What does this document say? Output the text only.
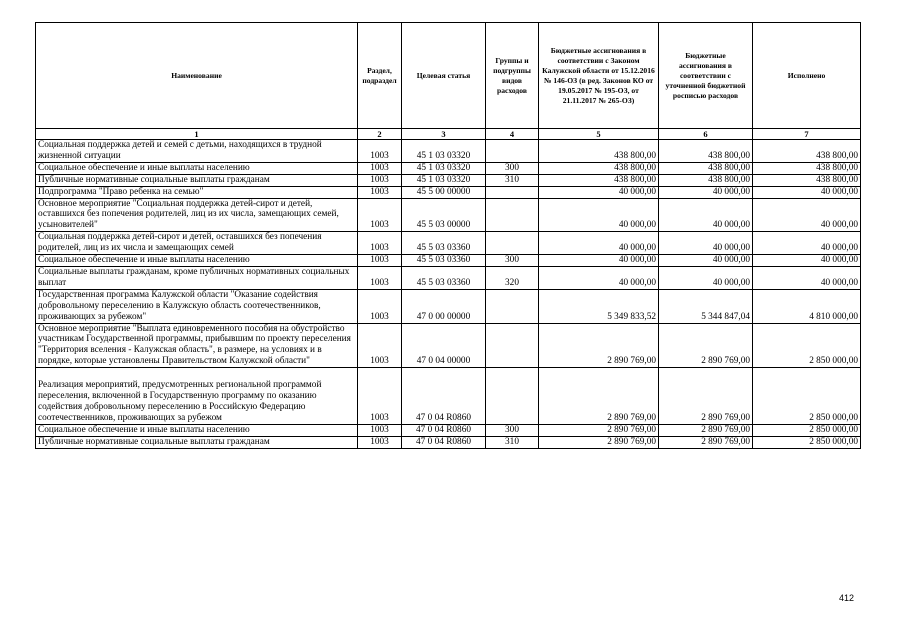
Наименование	Раздел, подраздел	Целевая статья	Группы и подгруппы видов расходов	Бюджетные ассигнования в соответствии с Законом Калужской области от 15.12.2016 № 146-ОЗ (в ред. Законов КО от 19.05.2017 № 195-ОЗ, от 21.11.2017 № 265-ОЗ)	Бюджетные ассигнования в соответствии с уточненной бюджетной росписью расходов	Исполнено
1	2	3	4	5	6	7
Социальная поддержка детей и семей с детьми, находящихся в трудной жизненной ситуации	1003	45 1 03 03320		438 800,00	438 800,00	438 800,00
Социальное обеспечение и иные выплаты населению	1003	45 1 03 03320	300	438 800,00	438 800,00	438 800,00
Публичные нормативные социальные выплаты гражданам	1003	45 1 03 03320	310	438 800,00	438 800,00	438 800,00
Подпрограмма "Право ребенка на семью"	1003	45 5 00 00000		40 000,00	40 000,00	40 000,00
Основное мероприятие "Социальная поддержка детей-сирот и детей, оставшихся без попечения родителей, лиц из их числа, замещающих семей, усыновителей"	1003	45 5 03 00000		40 000,00	40 000,00	40 000,00
Социальная поддержка детей-сирот и детей, оставшихся без попечения родителей, лиц из их числа и замещающих семей	1003	45 5 03 03360		40 000,00	40 000,00	40 000,00
Социальное обеспечение и иные выплаты населению	1003	45 5 03 03360	300	40 000,00	40 000,00	40 000,00
Социальные выплаты гражданам, кроме публичных нормативных социальных выплат	1003	45 5 03 03360	320	40 000,00	40 000,00	40 000,00
Государственная программа Калужской области "Оказание содействия добровольному переселению в Калужскую область соотечественников, проживающих за рубежом"	1003	47 0 00 00000		5 349 833,52	5 344 847,04	4 810 000,00
Основное мероприятие "Выплата единовременного пособия на обустройство участникам Государственной программы, прибывшим по проекту переселения "Территория вселения - Калужская область", в размере, на условиях и в порядке, которые установлены Правительством Калужской области"	1003	47 0 04 00000		2 890 769,00	2 890 769,00	2 850 000,00
Реализация мероприятий, предусмотренных региональной программой переселения, включенной в Государственную программу по оказанию содействия добровольному переселению в Российскую Федерацию соотечественников, проживающих за рубежом	1003	47 0 04 R0860		2 890 769,00	2 890 769,00	2 850 000,00
Социальное обеспечение и иные выплаты населению	1003	47 0 04 R0860	300	2 890 769,00	2 890 769,00	2 850 000,00
Публичные нормативные социальные выплаты гражданам	1003	47 0 04 R0860	310	2 890 769,00	2 890 769,00	2 850 000,00
412
